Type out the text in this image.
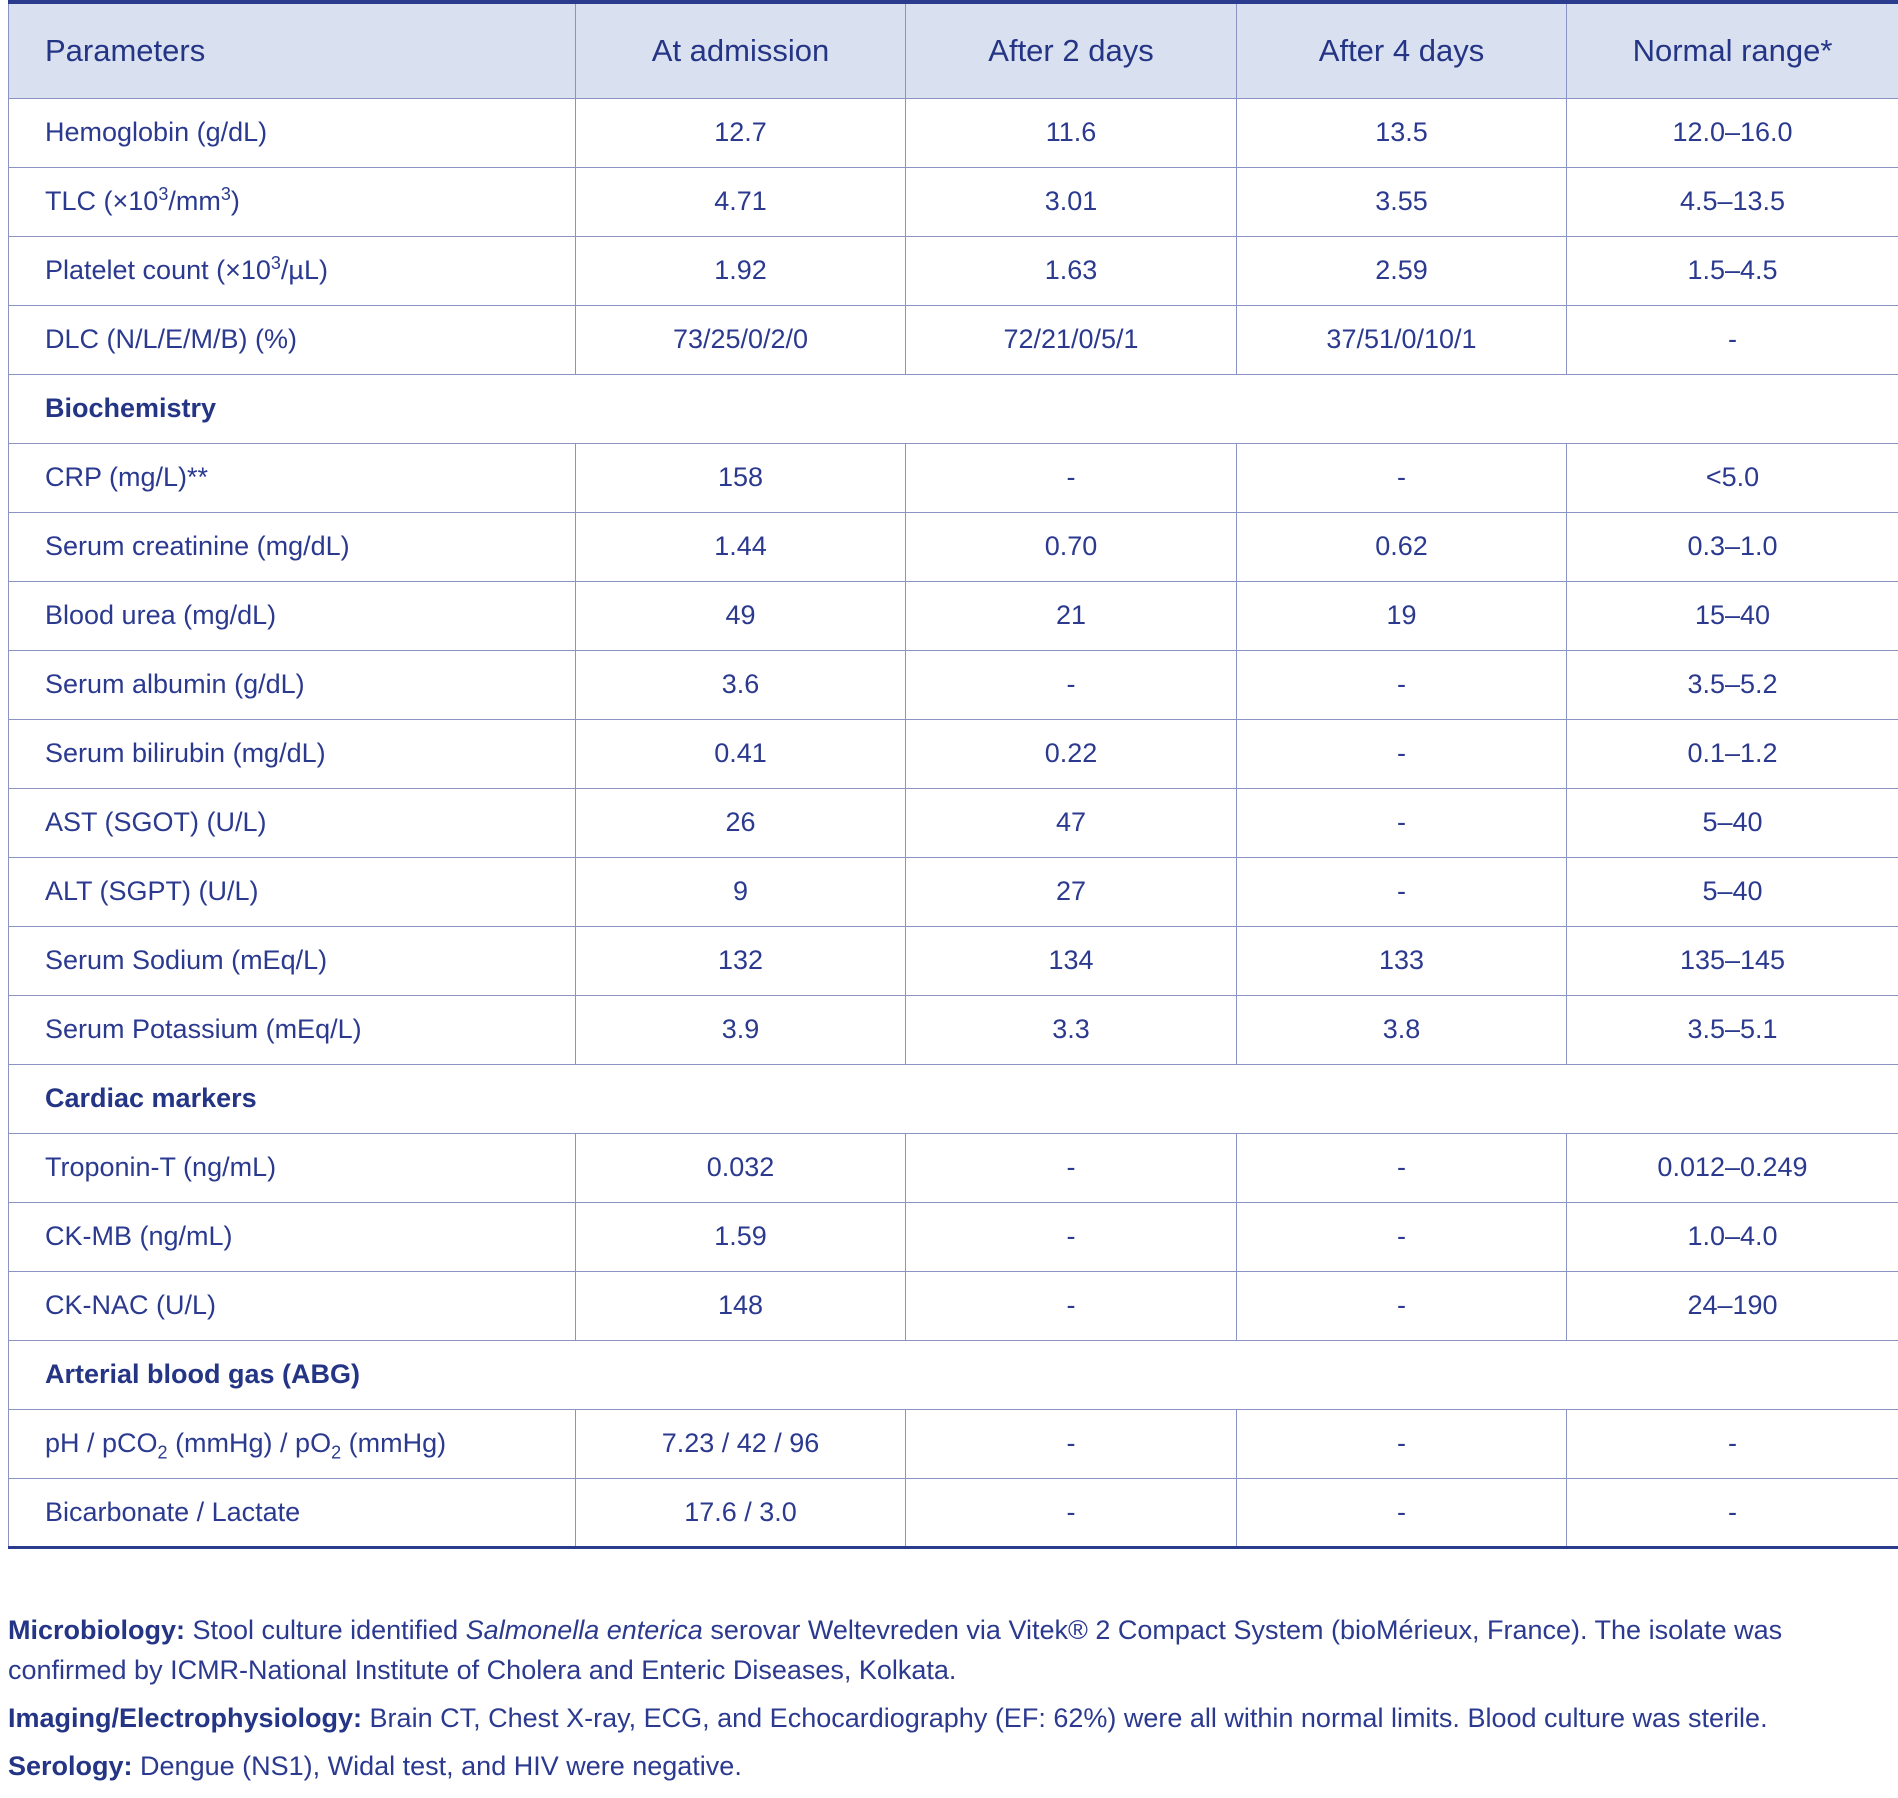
Parameters	At admission	After 2 days	After 4 days	Normal range*
Hemoglobin (g/dL)	12.7	11.6	13.5	12.0–16.0
TLC $(\times 10^3/mm^3)$	4.71	3.01	3.55	4.5–13.5
Platelet count $(\times 10^3/\mu L)$	1.92	1.63	2.59	1.5–4.5
DLC (N/L/E/M/B) (%)	73/25/0/2/0	72/21/0/5/1	37/51/0/10/1	-
Biochemistry				
CRP (mg/L)**	158	-	-	<5.0
Serum creatinine (mg/dL)	1.44	0.70	0.62	0.3–1.0
Blood urea (mg/dL)	49	21	19	15–40
Serum albumin (g/dL)	3.6	-	-	3.5–5.2
Serum bilirubin (mg/dL)	0.41	0.22	-	0.1–1.2
AST (SGOT) (U/L)	26	47	-	5–40
ALT (SGPT) (U/L)	9	27	-	5–40
Serum Sodium (mEq/L)	132	134	133	135–145
Serum Potassium (mEq/L)	3.9	3.3	3.8	3.5–5.1
Cardiac markers				
Troponin-T (ng/mL)	0.032	-	-	0.012–0.249
CK-MB (ng/mL)	1.59	-	-	1.0–4.0
CK-NAC (U/L)	148	-	-	24–190
Arterial blood gas (ABG)				
pH / pCO$_2$ (mmHg) / $pO_2$ (mmHg)	7.23 / 42 / 96	-	-	-
Bicarbonate / Lactate	17.6 / 3.0	-	-	-

Microbiology: Stool culture identified Salmonella enterica serovar Weltevreden via Vitek® 2 Compact System (bioMérieux, France). The isolate was confirmed by ICMR-National Institute of Cholera and Enteric Diseases, Kolkata.

Imaging/Electrophysiology: Brain CT, Chest X-ray, ECG, and Echocardiography (EF: 62%) were all within normal limits. Blood culture was sterile.

Serology: Dengue (NS1), Widal test, and HIV were negative.
